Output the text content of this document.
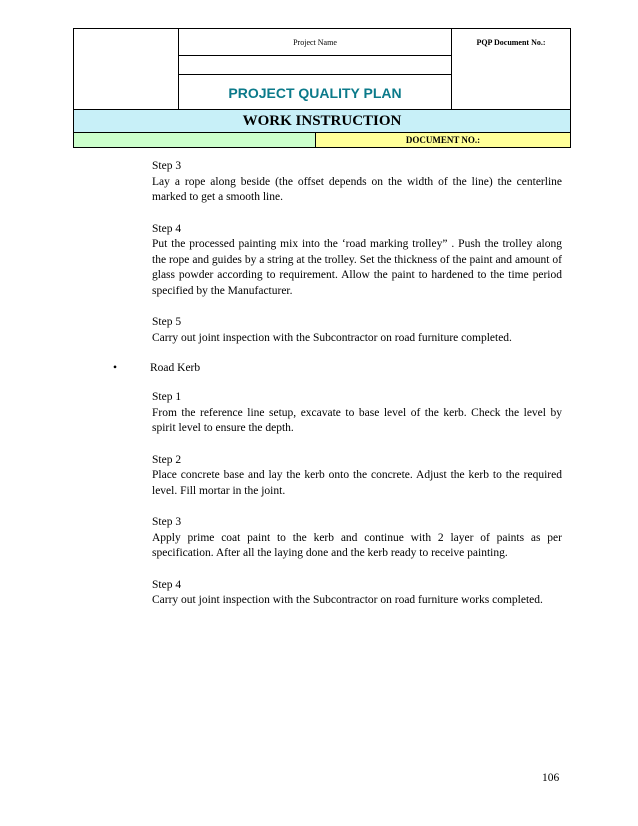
Project Name
PROJECT QUALITY PLAN
PQP Document No.:
WORK INSTRUCTION
DOCUMENT NO.:
Step 3
Lay a rope along beside (the offset depends on the width of the line) the centerline marked to get a smooth line.
Step 4
Put the processed painting mix into the ‘road marking trolley” . Push the trolley along the rope and guides by a string at the trolley. Set the thickness of the paint and amount of glass powder according to requirement. Allow the paint to hardened to the time period specified by the Manufacturer.
Step 5
Carry out joint inspection with the Subcontractor on road furniture completed.
•	Road Kerb
Step 1
From the reference line setup, excavate to base level of the kerb. Check the level by spirit level to ensure the depth.
Step 2
Place concrete base and lay the kerb onto the concrete. Adjust the kerb to the required level. Fill mortar in the joint.
Step 3
Apply prime coat paint to the kerb and continue with 2 layer of paints as per specification. After all the laying done and the kerb ready to receive painting.
Step 4
Carry out joint inspection with the Subcontractor on road furniture works completed.
106
